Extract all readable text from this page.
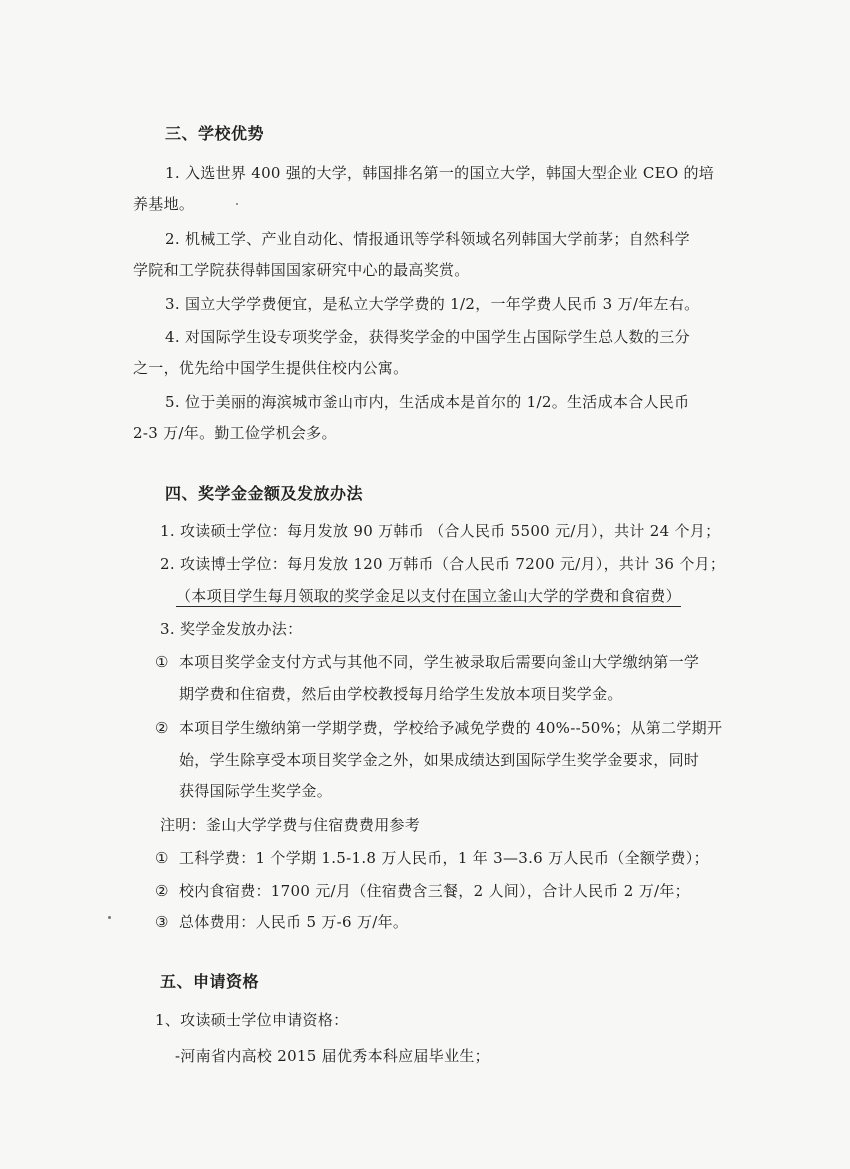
三、学校优势
1. 入选世界 400 强的大学，韩国排名第一的国立大学，韩国大型企业 CEO 的培
养基地。
2. 机械工学、产业自动化、情报通讯等学科领域名列韩国大学前茅；自然科学
学院和工学院获得韩国国家研究中心的最高奖赏。
3. 国立大学学费便宜，是私立大学学费的 1/2，一年学费人民币 3 万/年左右。
4. 对国际学生设专项奖学金，获得奖学金的中国学生占国际学生总人数的三分
之一，优先给中国学生提供住校内公寓。
5. 位于美丽的海滨城市釜山市内，生活成本是首尔的 1/2。生活成本合人民币
2-3 万/年。勤工俭学机会多。
四、奖学金金额及发放办法
1. 攻读硕士学位：每月发放 90 万韩币 （合人民币 5500 元/月），共计 24 个月；
2. 攻读博士学位：每月发放 120 万韩币（合人民币 7200 元/月），共计 36 个月；
（本项目学生每月领取的奖学金足以支付在国立釜山大学的学费和食宿费）
3. 奖学金发放办法：
① 本项目奖学金支付方式与其他不同，学生被录取后需要向釜山大学缴纳第一学
期学费和住宿费，然后由学校教授每月给学生发放本项目奖学金。
② 本项目学生缴纳第一学期学费，学校给予减免学费的 40%--50%；从第二学期开
始，学生除享受本项目奖学金之外，如果成绩达到国际学生奖学金要求，同时
获得国际学生奖学金。
注明：釜山大学学费与住宿费费用参考
① 工科学费：1 个学期 1.5-1.8 万人民币，1 年 3—3.6 万人民币（全额学费）；
② 校内食宿费：1700 元/月（住宿费含三餐，2 人间），合计人民币 2 万/年；
③ 总体费用：人民币 5 万-6 万/年。
五、申请资格
1、攻读硕士学位申请资格：
-河南省内高校 2015 届优秀本科应届毕业生；
